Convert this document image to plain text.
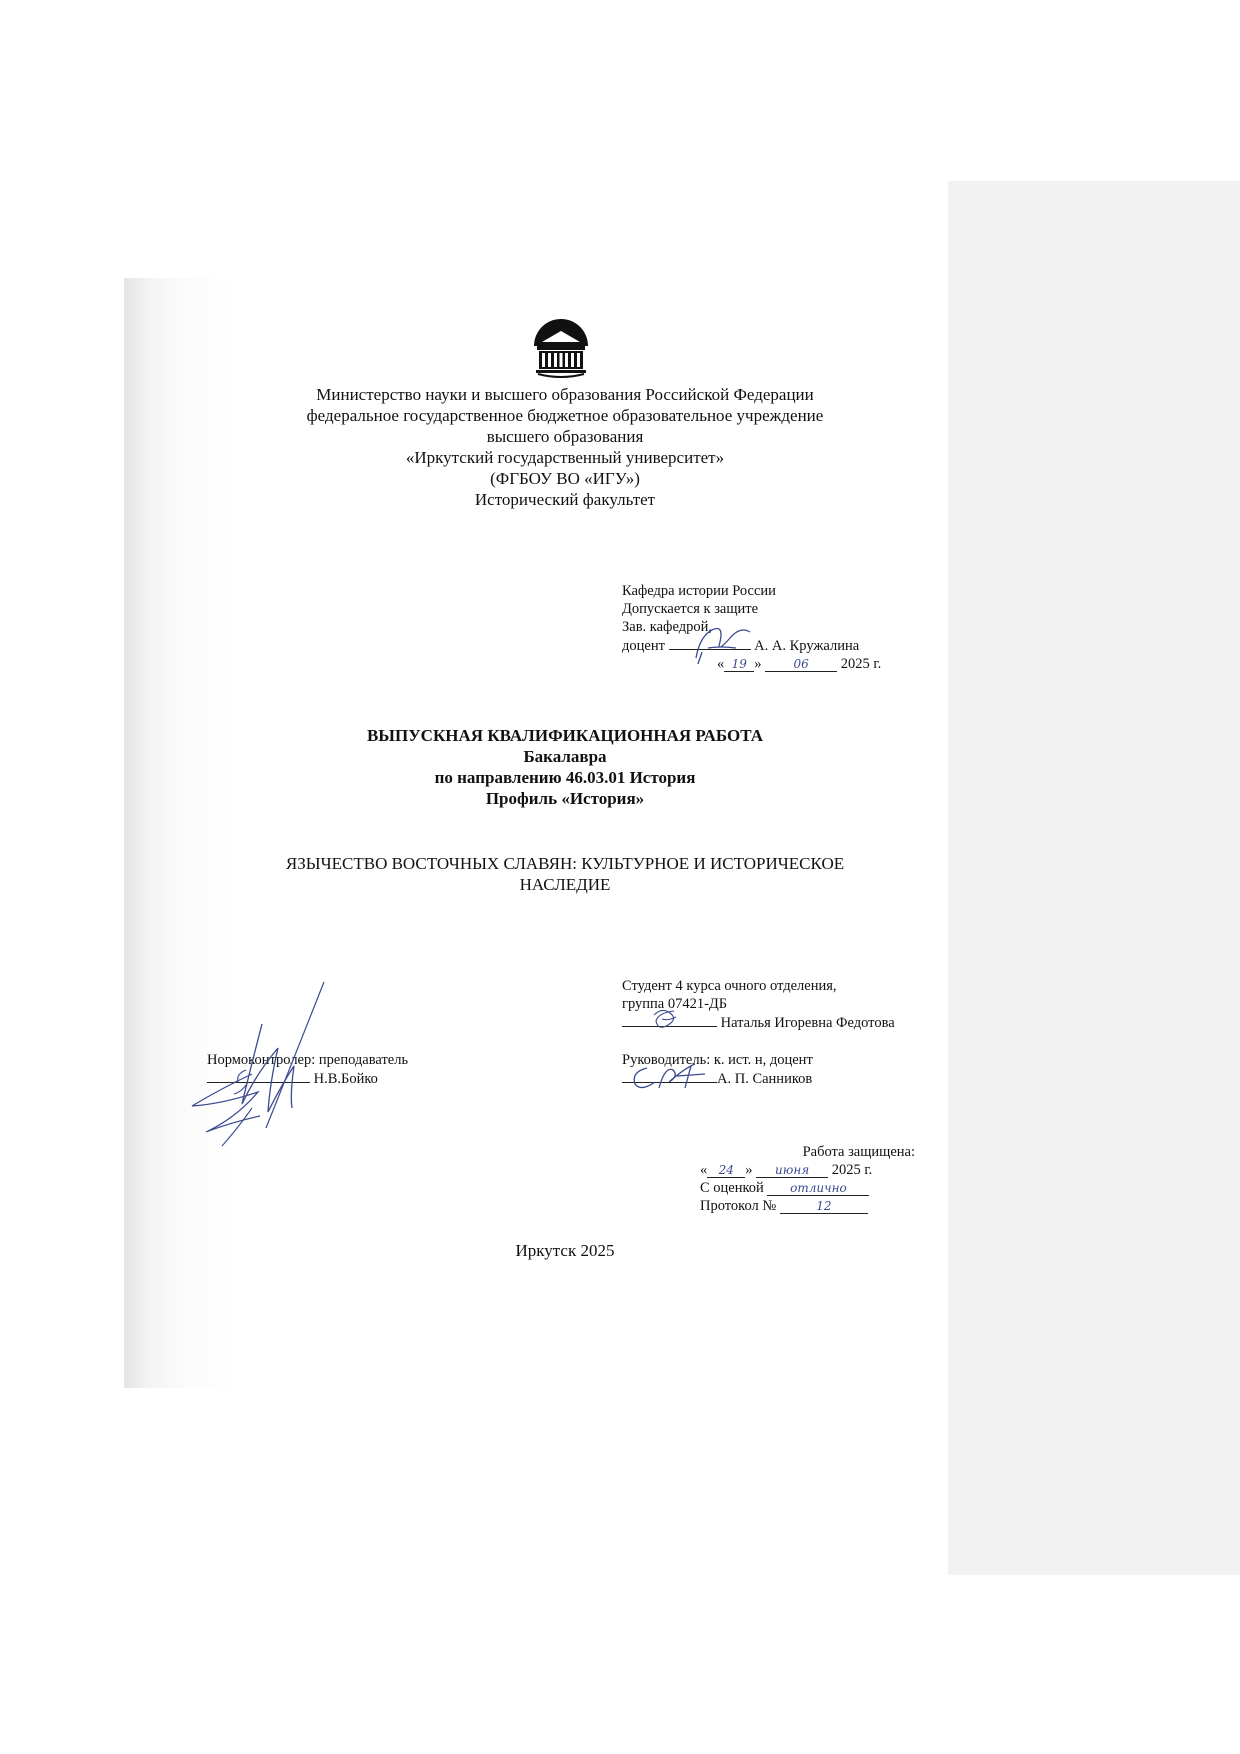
Министерство науки и высшего образования Российской Федерации
федеральное государственное бюджетное образовательное учреждение
высшего образования
«Иркутский государственный университет»
(ФГБОУ ВО «ИГУ»)
Исторический факультет
Кафедра истории России
Допускается к защите
Зав. кафедрой,
доцент	А. А. Кружалина
« 19 »	06 2025 г.
ВЫПУСКНАЯ КВАЛИФИКАЦИОННАЯ РАБОТА
Бакалавра
по направлению 46.03.01 История
Профиль «История»
ЯЗЫЧЕСТВО ВОСТОЧНЫХ СЛАВЯН: КУЛЬТУРНОЕ И ИСТОРИЧЕСКОЕ
НАСЛЕДИЕ
Студент 4 курса очного отделения,
группа 07421-ДБ
Наталья Игоревна Федотова
Руководитель: к. ист. н, доцент
А. П. Санников
Нормоконтролер: преподаватель
Н.В.Бойко
Работа защищена:
« 24 » июня 2025 г.
С оценкой отлично
Протокол №	12
Иркутск 2025
